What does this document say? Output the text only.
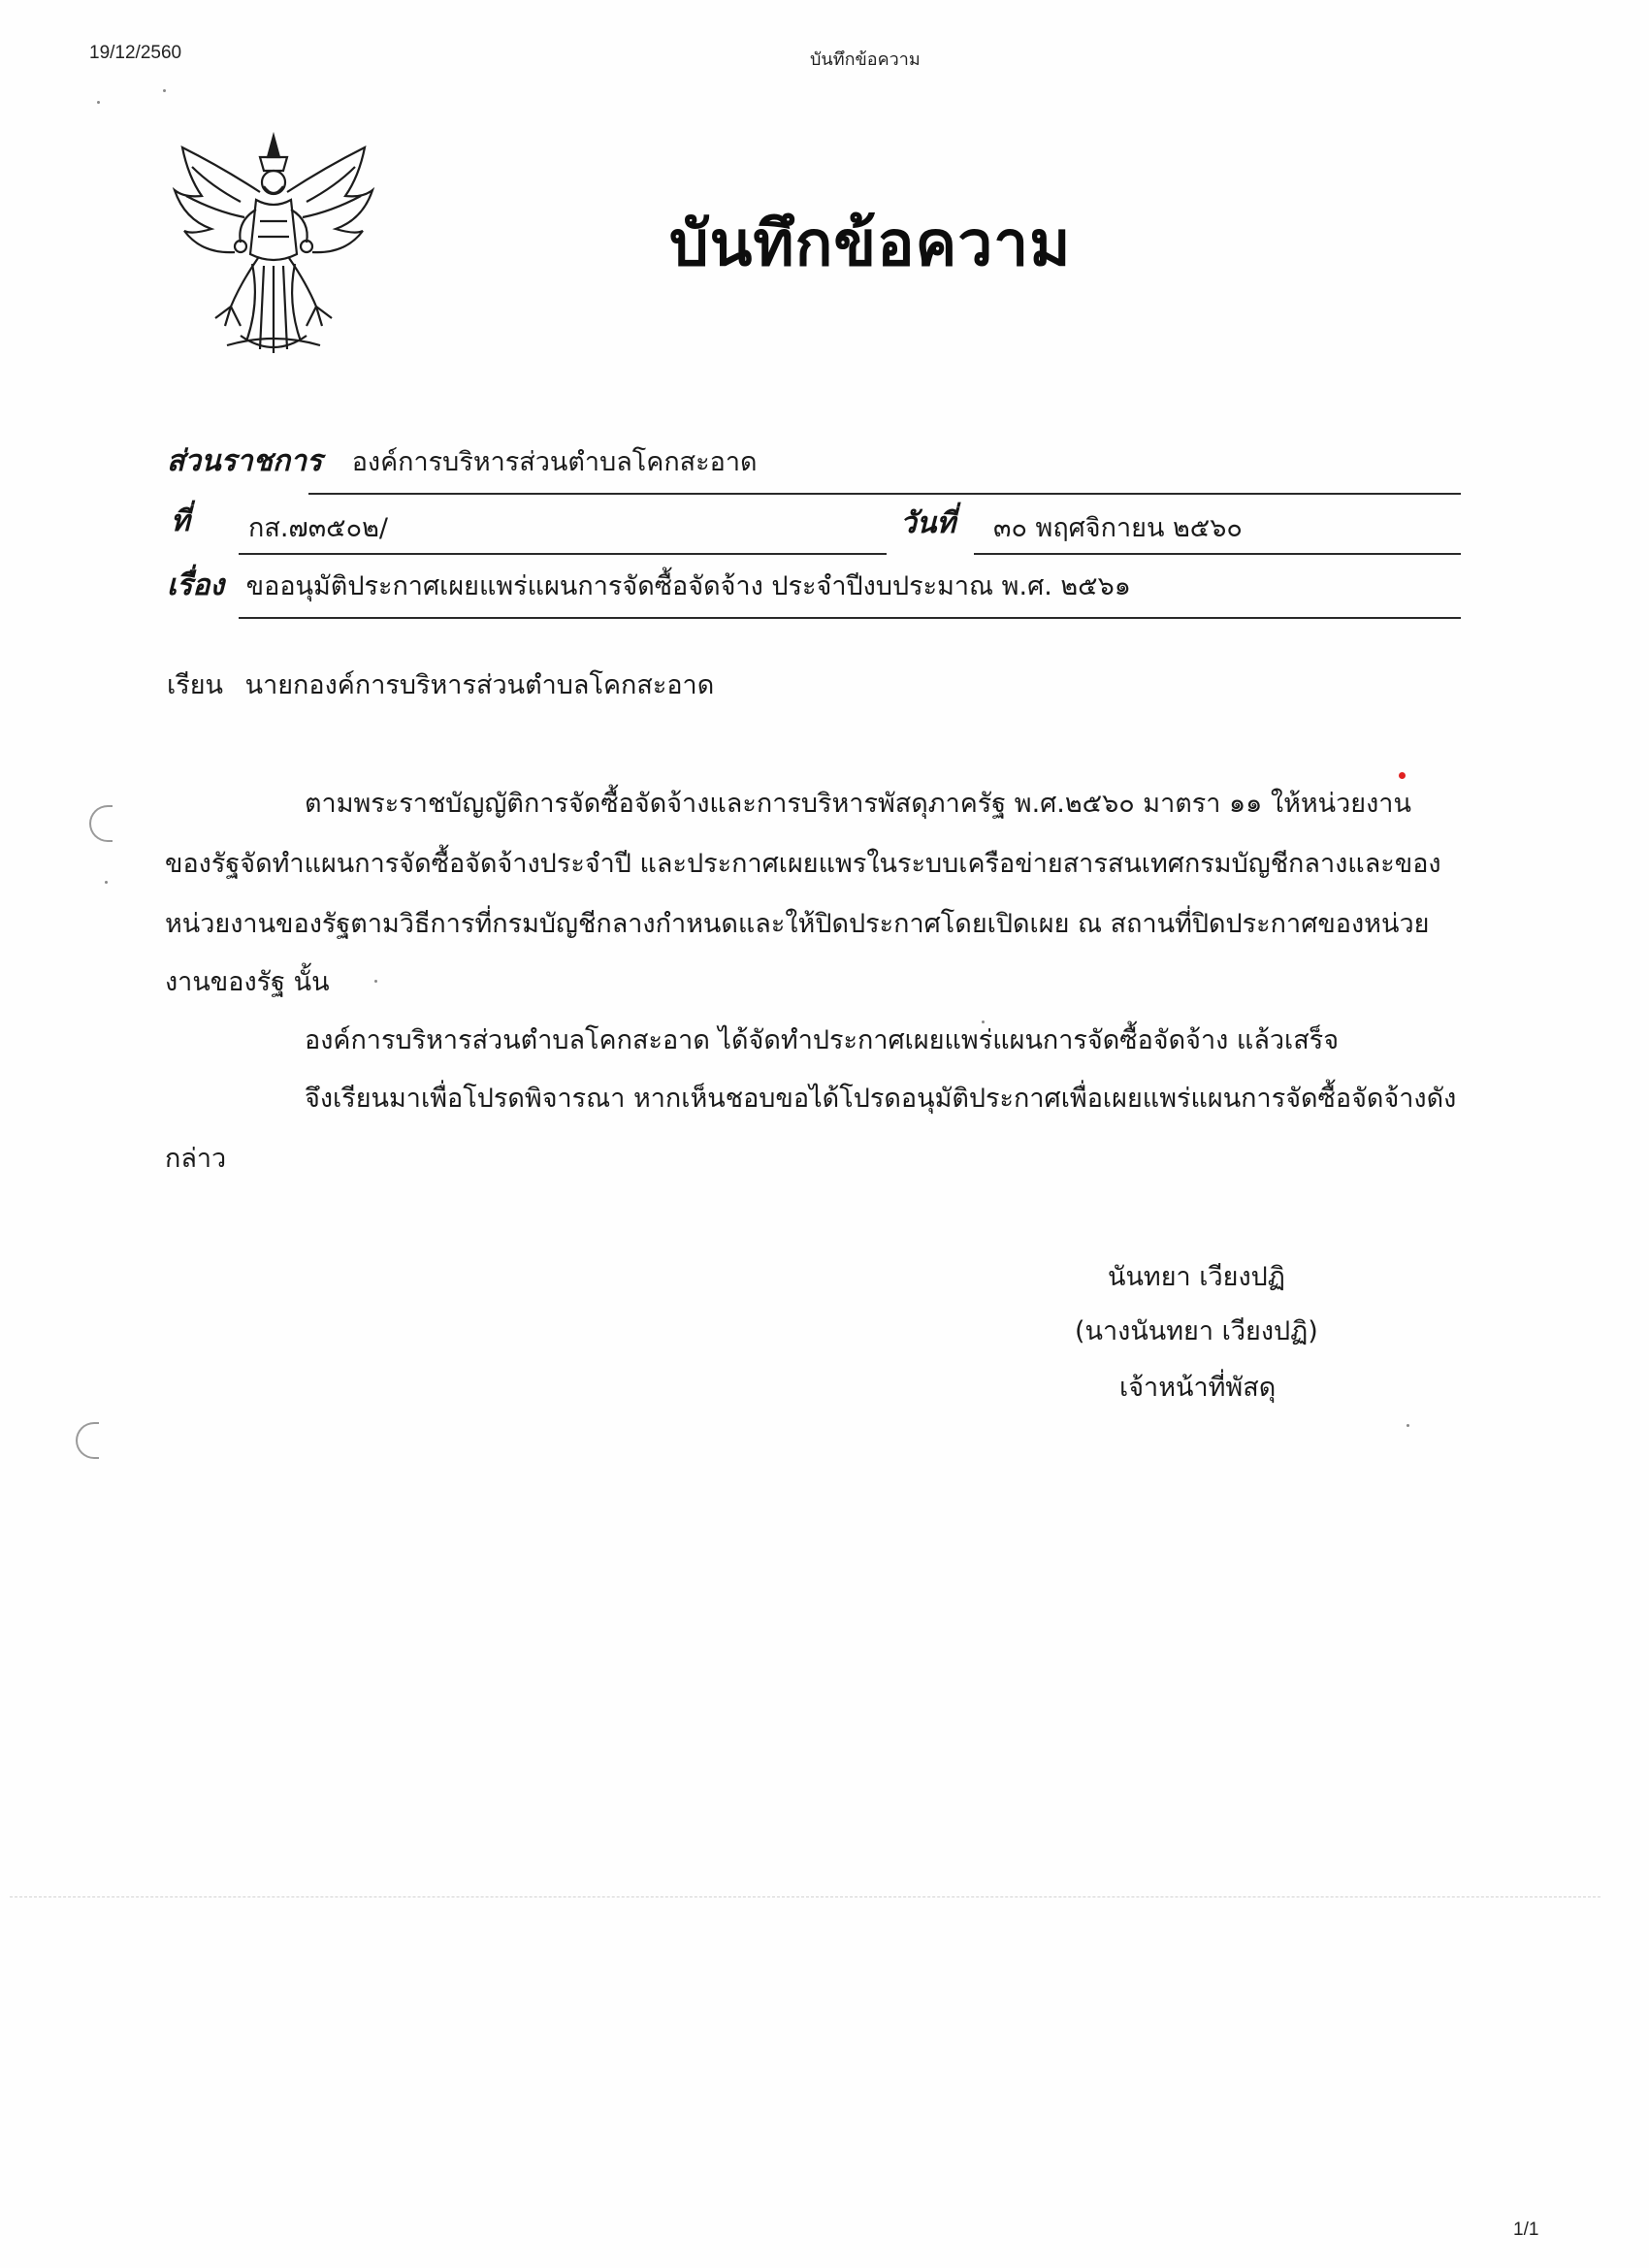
19/12/2560	บันทึกข้อความ
บันทึกข้อความ
ส่วนราชการ องค์การบริหารส่วนตำบลโคกสะอาด
ที่ กส.๗๓๕๐๒/	วันที่ ๓๐ พฤศจิกายน ๒๕๖๐
เรื่อง ขออนุมัติประกาศเผยแพร่แผนการจัดซื้อจัดจ้าง ประจำปีงบประมาณ พ.ศ. ๒๕๖๑
เรียน นายกองค์การบริหารส่วนตำบลโคกสะอาด
ตามพระราชบัญญัติการจัดซื้อจัดจ้างและการบริหารพัสดุภาครัฐ พ.ศ.๒๕๖๐ มาตรา ๑๑ ให้หน่วยงาน
ของรัฐจัดทำแผนการจัดซื้อจัดจ้างประจำปี และประกาศเผยแพรในระบบเครือข่ายสารสนเทศกรมบัญชีกลางและของ
หน่วยงานของรัฐตามวิธีการที่กรมบัญชีกลางกำหนดและให้ปิดประกาศโดยเปิดเผย ณ สถานที่ปิดประกาศของหน่วย
งานของรัฐ นั้น
องค์การบริหารส่วนตำบลโคกสะอาด ได้จัดทำประกาศเผยแพร่แผนการจัดซื้อจัดจ้าง แล้วเสร็จ
จึงเรียนมาเพื่อโปรดพิจารณา หากเห็นชอบขอได้โปรดอนุมัติประกาศเพื่อเผยแพร่แผนการจัดซื้อจัดจ้างดัง
กล่าว
นันทยา เวียงปฏิ
(นางนันทยา เวียงปฏิ)
เจ้าหน้าที่พัสดุ
1/1
